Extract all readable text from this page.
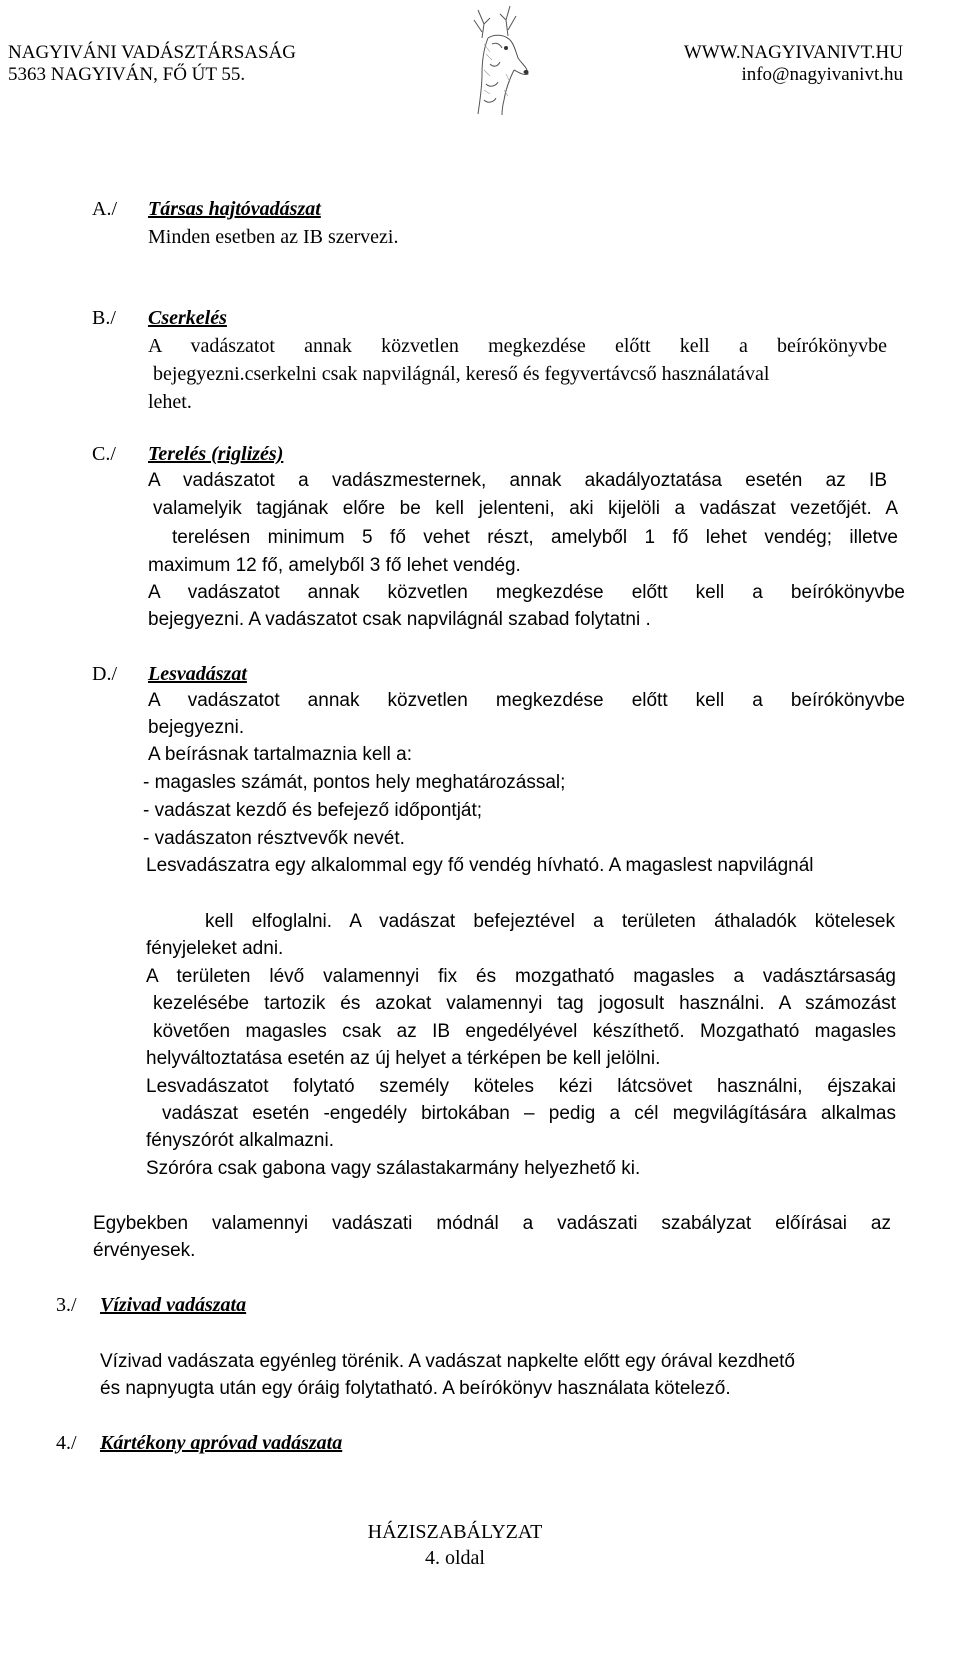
NAGYIVÁNI VADÁSZTÁRSASÁG
5363 NAGYIVÁN, FŐ ÚT 55.
WWW.NAGYIVANIVT.HU
info@nagyivanivt.hu
A./ Társas hajtóvadászat
Minden esetben az IB szervezi.
B./ Cserkelés
A vadászatot annak közvetlen megkezdése előtt kell a beírókönyvbe
bejegyezni.cserkelni csak napvilágnál, kereső és fegyvertávcső használatával
lehet.
C./ Terelés (riglizés)
A vadászatot a vadászmesternek, annak akadályoztatása esetén az IB
valamelyik tagjának előre be kell jelenteni, aki kijelöli a vadászat vezetőjét. A
terelésen minimum 5 fő vehet részt, amelyből 1 fő lehet vendég; illetve
maximum 12 fő, amelyből 3 fő lehet vendég.
A vadászatot annak közvetlen megkezdése előtt kell a beírókönyvbe
bejegyezni. A vadászatot csak napvilágnál szabad folytatni .
D./ Lesvadászat
A vadászatot annak közvetlen megkezdése előtt kell a beírókönyvbe
bejegyezni.
A beírásnak tartalmaznia kell a:
- magasles számát, pontos hely meghatározással;
- vadászat kezdő és befejező időpontját;
- vadászaton résztvevők nevét.
Lesvadászatra egy alkalommal egy fő vendég hívható. A magaslest napvilágnál
kell elfoglalni. A vadászat befejeztével a területen áthaladók kötelesek
fényjeleket adni.
A területen lévő valamennyi fix és mozgatható magasles a vadásztársaság
kezelésébe tartozik és azokat valamennyi tag jogosult használni. A számozást
követően magasles csak az IB engedélyével készíthető. Mozgatható magasles
helyváltoztatása esetén az új helyet a térképen be kell jelölni.
Lesvadászatot folytató személy köteles kézi látcsövet használni, éjszakai
vadászat esetén -engedély birtokában – pedig a cél megvilágítására alkalmas
fényszórót alkalmazni.
Szóróra csak gabona vagy szálastakarmány helyezhető ki.
Egybekben valamennyi vadászati módnál a vadászati szabályzat előírásai az
érvényesek.
3./ Vízivad vadászata
Vízivad vadászata egyénleg törénik. A vadászat napkelte előtt egy órával kezdhető
és napnyugta után egy óráig folytatható. A beírókönyv használata kötelező.
4./ Kártékony apróvad vadászata
HÁZISZABÁLYZAT
4. oldal
